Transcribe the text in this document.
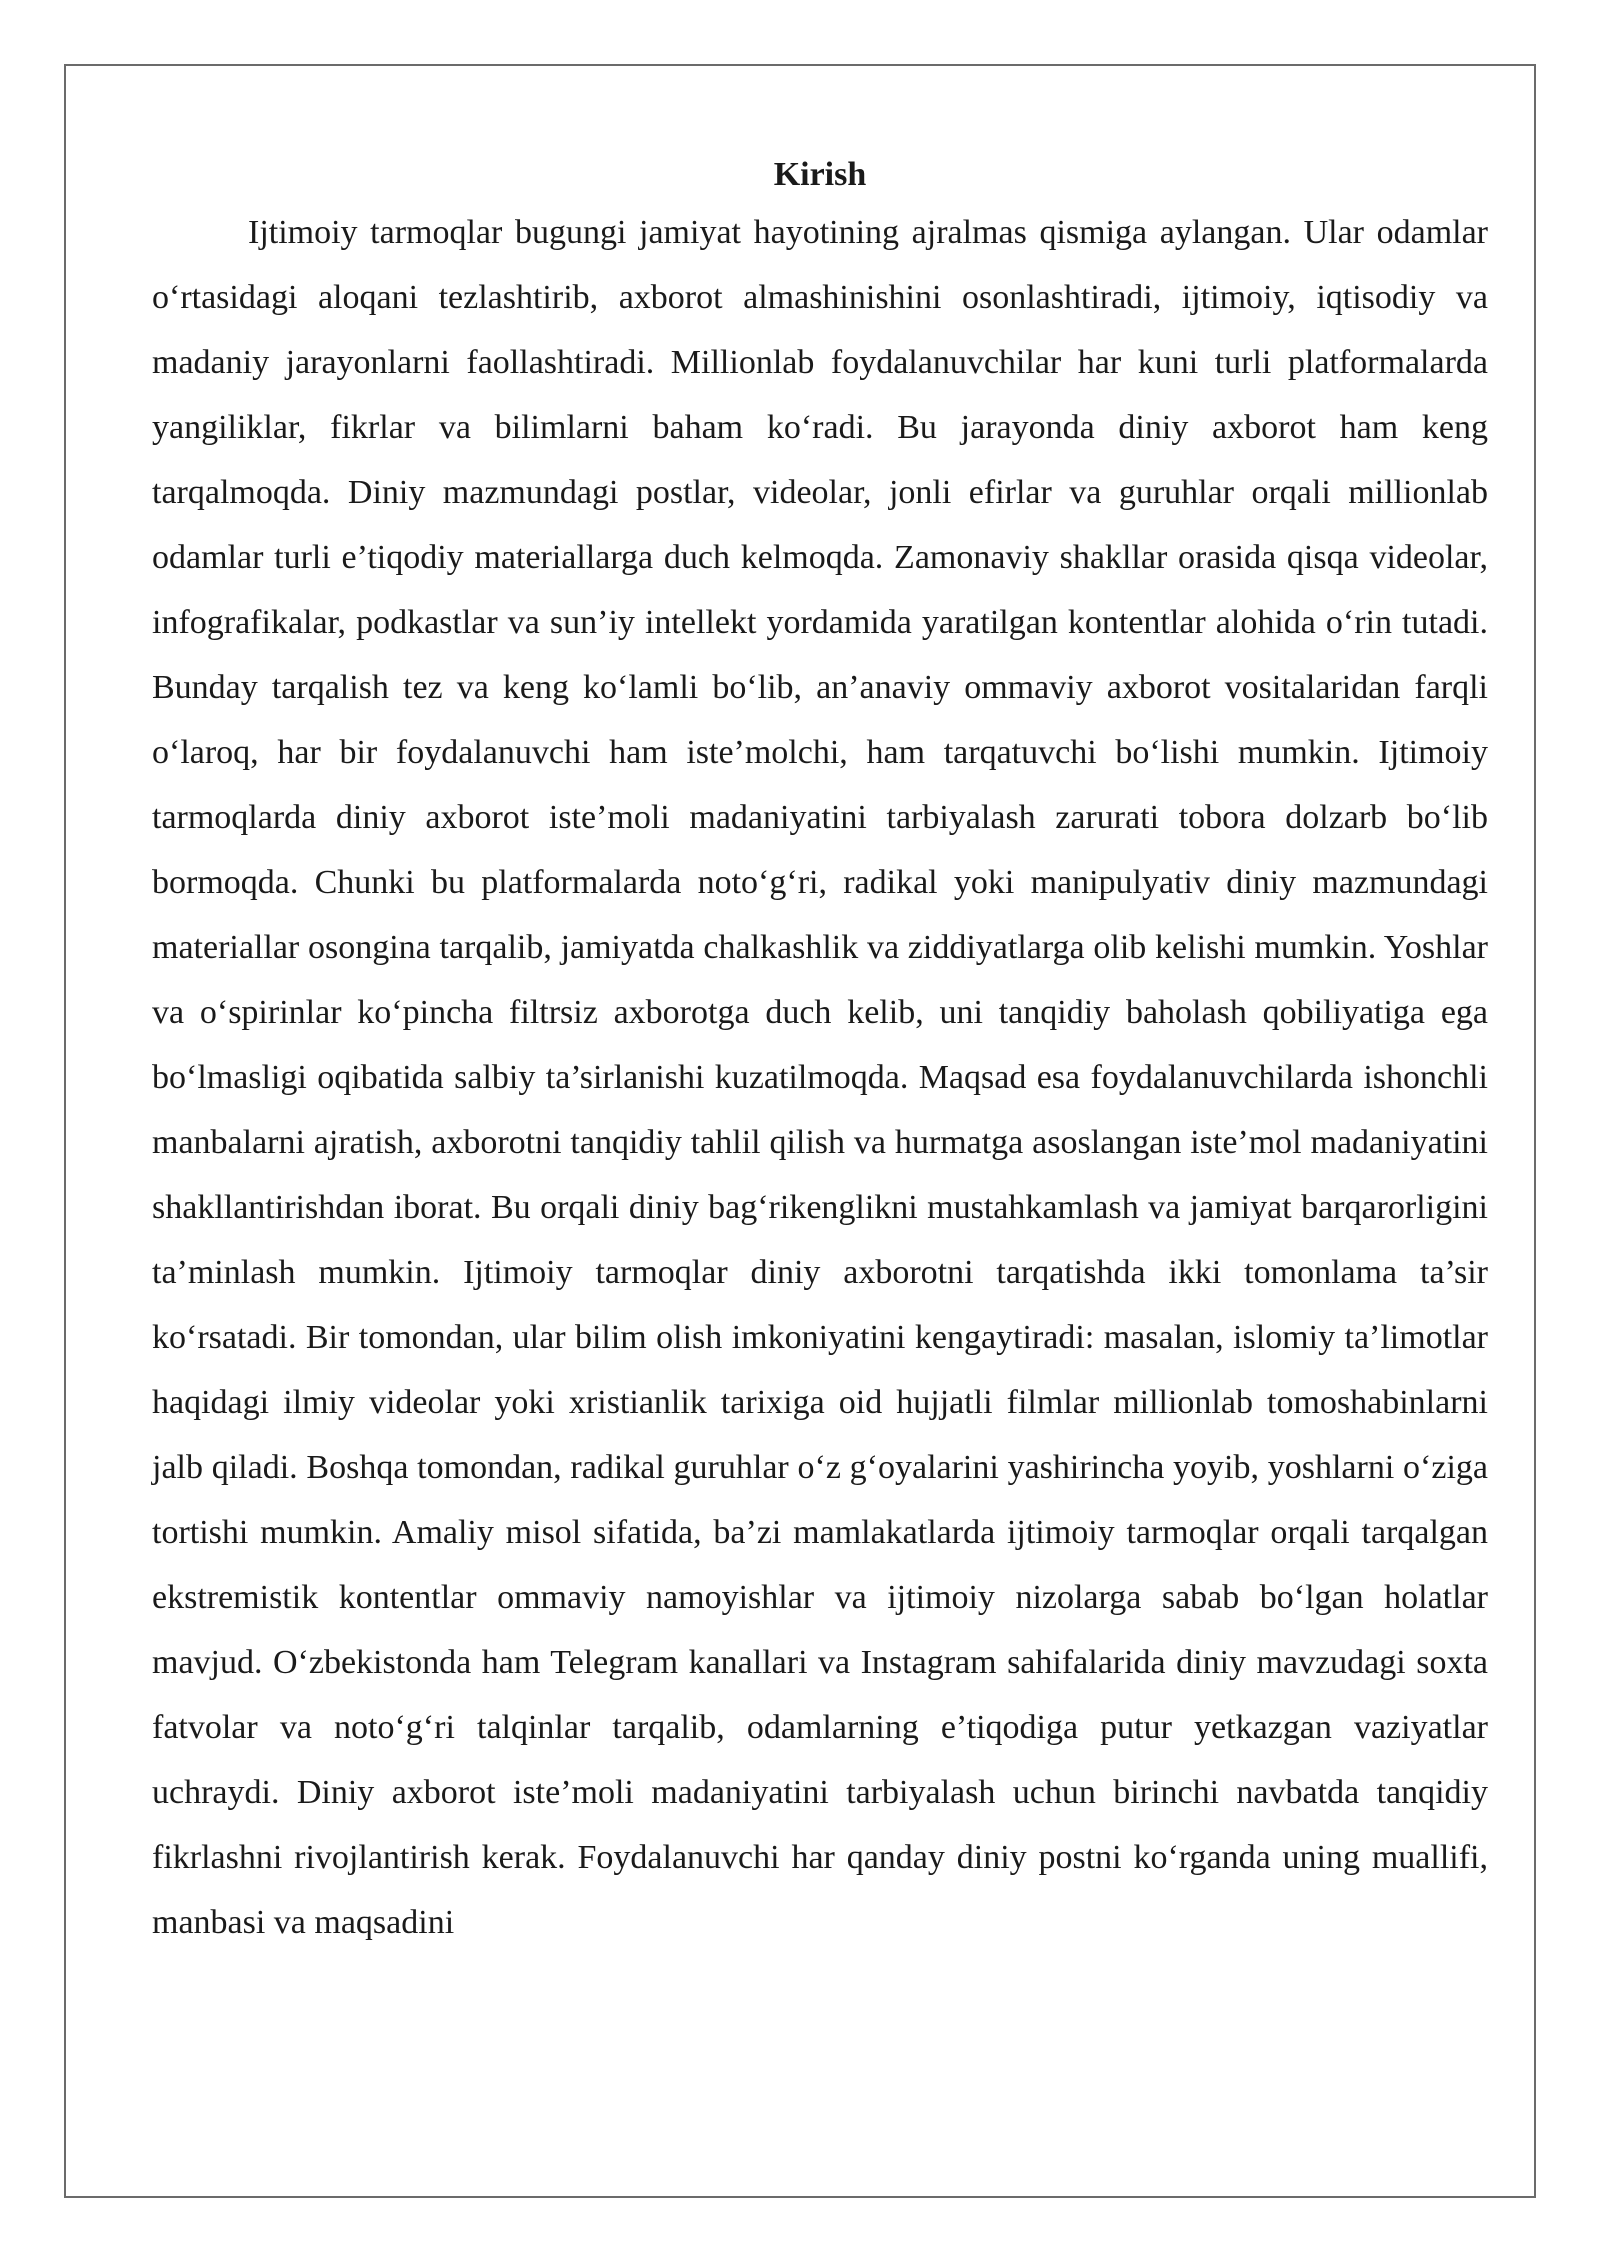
Kirish

Ijtimoiy tarmoqlar bugungi jamiyat hayotining ajralmas qismiga aylangan. Ular odamlar o‘rtasidagi aloqani tezlashtirib, axborot almashinishini osonlashtiradi, ijtimoiy, iqtisodiy va madaniy jarayonlarni faollashtiradi. Millionlab foydalanuvchilar har kuni turli platformalarda yangiliklar, fikrlar va bilimlarni baham ko‘radi. Bu jarayonda diniy axborot ham keng tarqalmoqda. Diniy mazmundagi postlar, videolar, jonli efirlar va guruhlar orqali millionlab odamlar turli e’tiqodiy materiallarga duch kelmoqda. Zamonaviy shakllar orasida qisqa videolar, infografikalar, podkastlar va sun’iy intellekt yordamida yaratilgan kontentlar alohida o‘rin tutadi. Bunday tarqalish tez va keng ko‘lamli bo‘lib, an’anaviy ommaviy axborot vositalaridan farqli o‘laroq, har bir foydalanuvchi ham iste’molchi, ham tarqatuvchi bo‘lishi mumkin. Ijtimoiy tarmoqlarda diniy axborot iste’moli madaniyatini tarbiyalash zarurati tobora dolzarb bo‘lib bormoqda. Chunki bu platformalarda noto‘g‘ri, radikal yoki manipulyativ diniy mazmundagi materiallar osongina tarqalib, jamiyatda chalkashlik va ziddiyatlarga olib kelishi mumkin. Yoshlar va o‘spirinlar ko‘pincha filtrsiz axborotga duch kelib, uni tanqidiy baholash qobiliyatiga ega bo‘lmasligi oqibatida salbiy ta’sirlanishi kuzatilmoqda. Maqsad esa foydalanuvchilarda ishonchli manbalarni ajratish, axborotni tanqidiy tahlil qilish va hurmatga asoslangan iste’mol madaniyatini shakllantirishdan iborat. Bu orqali diniy bag‘rikenglikni mustahkamlash va jamiyat barqarorligini ta’minlash mumkin. Ijtimoiy tarmoqlar diniy axborotni tarqatishda ikki tomonlama ta’sir ko‘rsatadi. Bir tomondan, ular bilim olish imkoniyatini kengaytiradi: masalan, islomiy ta’limotlar haqidagi ilmiy videolar yoki xristianlik tarixiga oid hujjatli filmlar millionlab tomoshabinlarni jalb qiladi. Boshqa tomondan, radikal guruhlar o‘z g‘oyalarini yashirincha yoyib, yoshlarni o‘ziga tortishi mumkin. Amaliy misol sifatida, ba’zi mamlakatlarda ijtimoiy tarmoqlar orqali tarqalgan ekstremistik kontentlar ommaviy namoyishlar va ijtimoiy nizolarga sabab bo‘lgan holatlar mavjud. O‘zbekistonda ham Telegram kanallari va Instagram sahifalarida diniy mavzudagi soxta fatvolar va noto‘g‘ri talqinlar tarqalib, odamlarning e’tiqodiga putur yetkazgan vaziyatlar uchraydi. Diniy axborot iste’moli madaniyatini tarbiyalash uchun birinchi navbatda tanqidiy fikrlashni rivojlantirish kerak. Foydalanuvchi har qanday diniy postni ko‘rganda uning muallifi, manbasi va maqsadini
